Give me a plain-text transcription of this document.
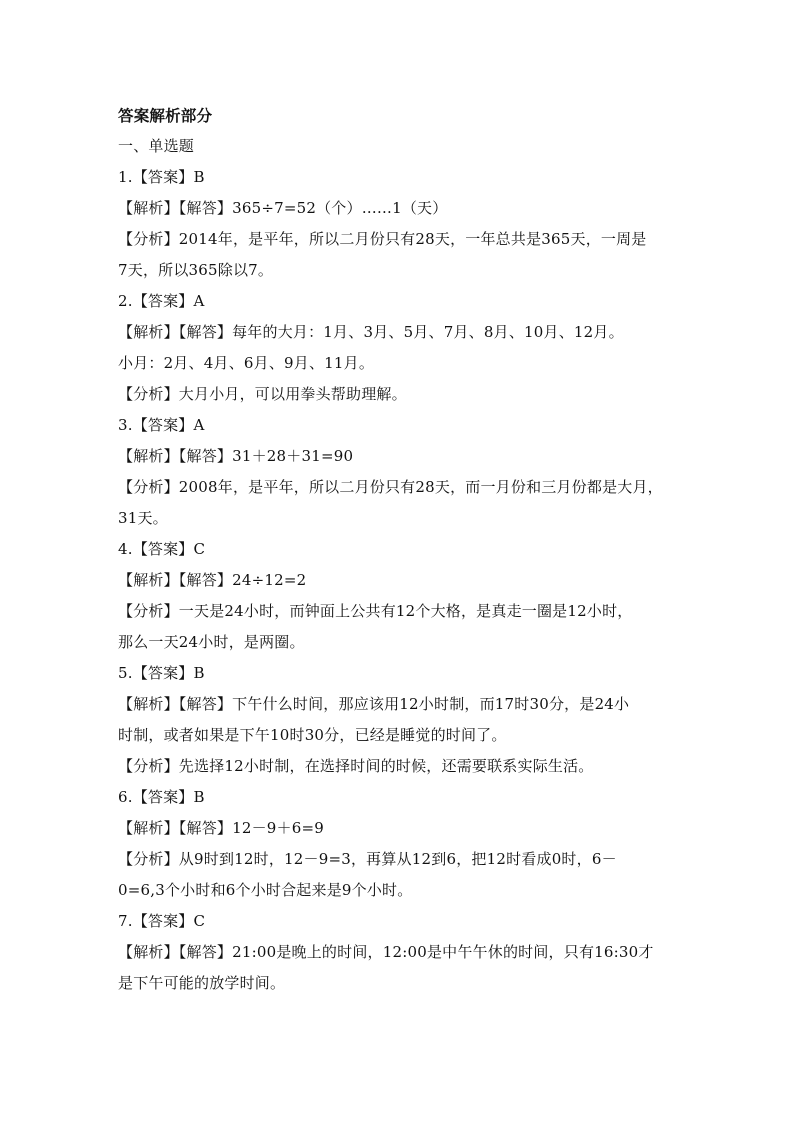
答案解析部分
一、单选题
1.【答案】B
【解析】【解答】365÷7=52（个）……1（天）
【分析】2014年，是平年，所以二月份只有28天，一年总共是365天，一周是
7天，所以365除以7。
2.【答案】A
【解析】【解答】每年的大月：1月、3月、5月、7月、8月、10月、12月。
小月：2月、4月、6月、9月、11月。
【分析】大月小月，可以用拳头帮助理解。
3.【答案】A
【解析】【解答】31＋28＋31=90
【分析】2008年，是平年，所以二月份只有28天，而一月份和三月份都是大月，
31天。
4.【答案】C
【解析】【解答】24÷12=2
【分析】一天是24小时，而钟面上公共有12个大格，是真走一圈是12小时，
那么一天24小时，是两圈。
5.【答案】B
【解析】【解答】下午什么时间，那应该用12小时制，而17时30分，是24小
时制，或者如果是下午10时30分，已经是睡觉的时间了。
【分析】先选择12小时制，在选择时间的时候，还需要联系实际生活。
6.【答案】B
【解析】【解答】12－9＋6=9
【分析】从9时到12时，12－9=3，再算从12到6，把12时看成0时，6－
0=6,3个小时和6个小时合起来是9个小时。
7.【答案】C
【解析】【解答】21:00是晚上的时间，12:00是中午午休的时间，只有16:30才
是下午可能的放学时间。
